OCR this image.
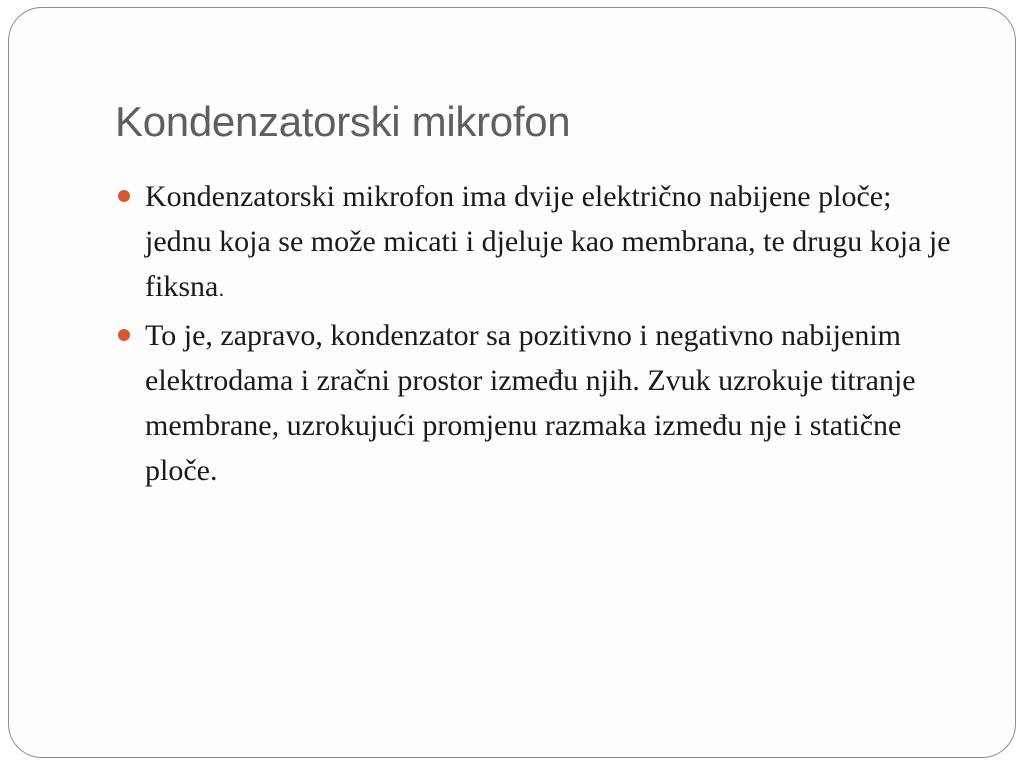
Kondenzatorski mikrofon
Kondenzatorski mikrofon ima dvije električno nabijene ploče; jednu koja se može micati i djeluje kao membrana, te drugu koja je fiksna.
To je, zapravo, kondenzator sa pozitivno i negativno nabijenim elektrodama i zračni prostor između njih. Zvuk uzrokuje titranje membrane, uzrokujući promjenu razmaka između nje i statične ploče.
